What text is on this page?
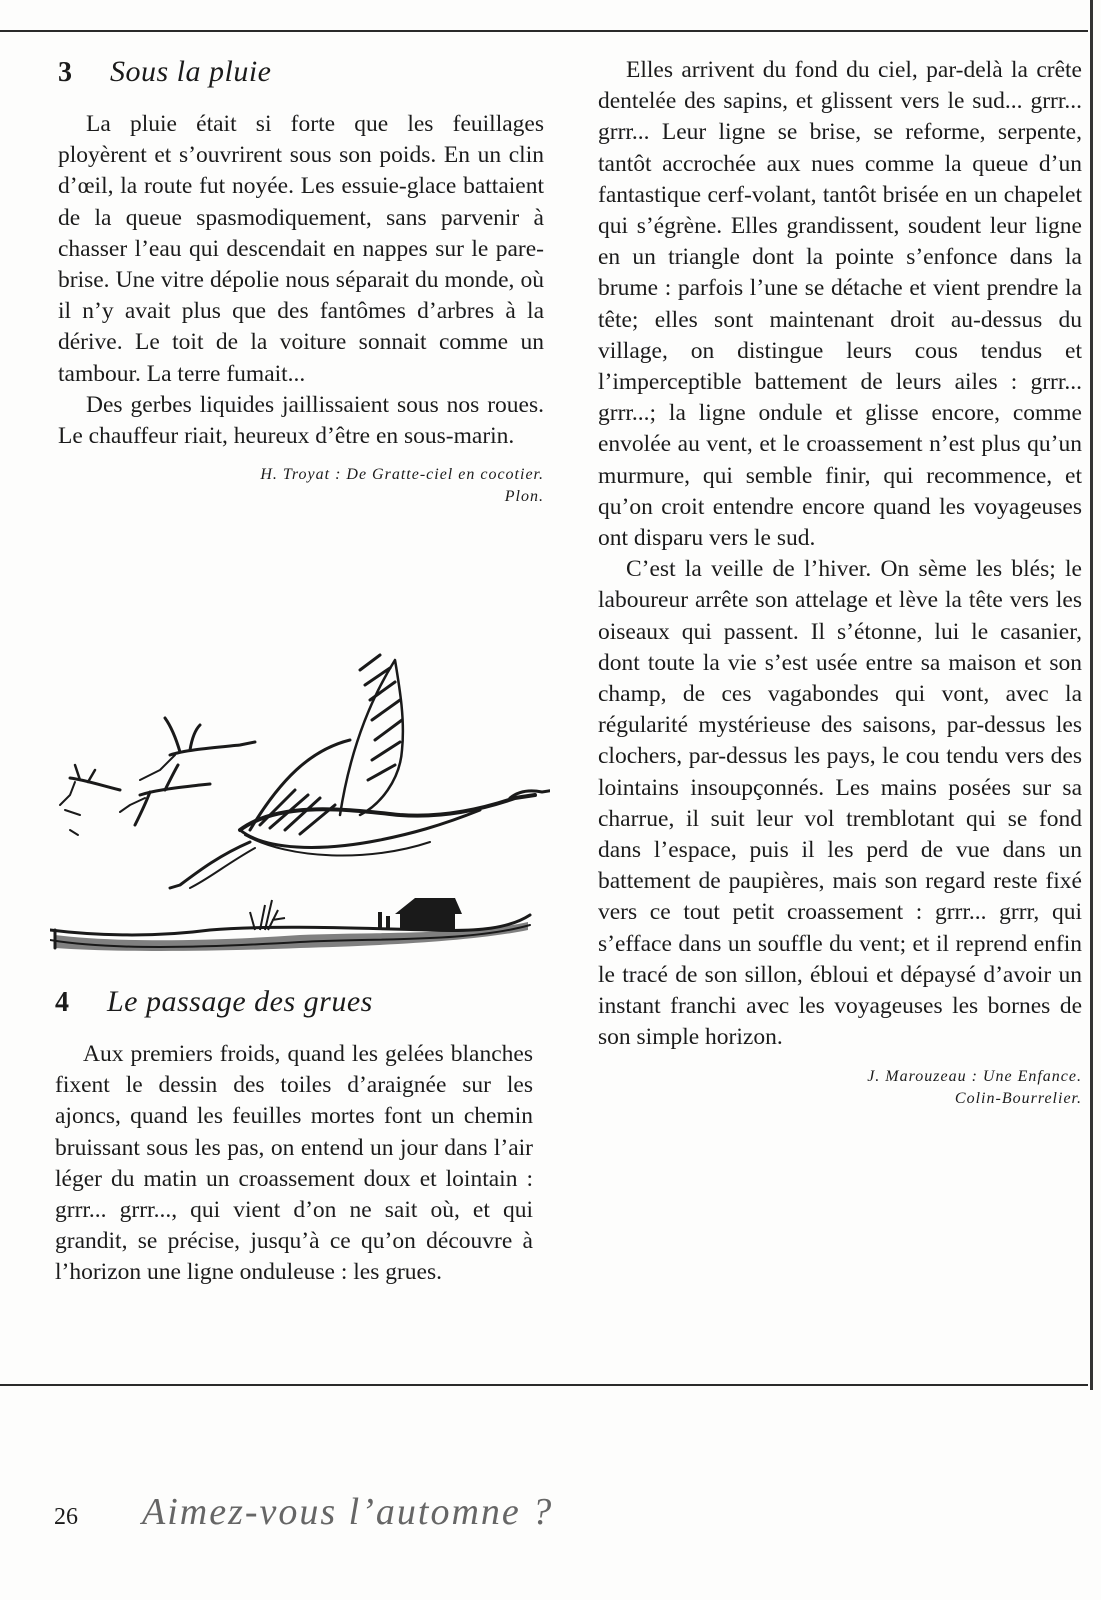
3	Sous la pluie

La pluie était si forte que les feuillages ployèrent et s’ouvrirent sous son poids. En un clin d’œil, la route fut noyée. Les essuie-glace battaient de la queue spasmodiquement, sans parvenir à chasser l’eau qui descendait en nappes sur le pare-brise. Une vitre dépolie nous séparait du monde, où il n’y avait plus que des fantômes d’arbres à la dérive. Le toit de la voiture sonnait comme un tambour. La terre fumait...

Des gerbes liquides jaillissaient sous nos roues. Le chauffeur riait, heureux d’être en sous-marin.

H. Troyat : De Gratte-ciel en cocotier.
Plon.
4	Le passage des grues

Aux premiers froids, quand les gelées blanches fixent le dessin des toiles d’araignée sur les ajoncs, quand les feuilles mortes font un chemin bruissant sous les pas, on entend un jour dans l’air léger du matin un croassement doux et lointain : grrr... grrr..., qui vient d’on ne sait où, et qui grandit, se précise, jusqu’à ce qu’on découvre à l’horizon une ligne onduleuse : les grues.

Elles arrivent du fond du ciel, par-delà la crête dentelée des sapins, et glissent vers le sud... grrr... grrr... Leur ligne se brise, se reforme, serpente, tantôt accrochée aux nues comme la queue d’un fantastique cerf-volant, tantôt brisée en un chapelet qui s’égrène. Elles grandissent, soudent leur ligne en un triangle dont la pointe s’enfonce dans la brume : parfois l’une se détache et vient prendre la tête; elles sont maintenant droit au-dessus du village, on distingue leurs cous tendus et l’imperceptible battement de leurs ailes : grrr... grrr...; la ligne ondule et glisse encore, comme envolée au vent, et le croassement n’est plus qu’un murmure, qui semble finir, qui recommence, et qu’on croit entendre encore quand les voyageuses ont disparu vers le sud.

C’est la veille de l’hiver. On sème les blés; le laboureur arrête son attelage et lève la tête vers les oiseaux qui passent. Il s’étonne, lui le casanier, dont toute la vie s’est usée entre sa maison et son champ, de ces vagabondes qui vont, avec la régularité mystérieuse des saisons, par-dessus les clochers, par-dessus les pays, le cou tendu vers des lointains insoupçonnés. Les mains posées sur sa charrue, il suit leur vol tremblotant qui se fond dans l’espace, puis il les perd de vue dans un battement de paupières, mais son regard reste fixé vers ce tout petit croassement : grrr... grrr, qui s’efface dans un souffle du vent; et il reprend enfin le tracé de son sillon, ébloui et dépaysé d’avoir un instant franchi avec les voyageuses les bornes de son simple horizon.

J. Marouzeau : Une Enfance.
Colin-Bourrelier.
26	Aimez-vous l’automne ?
